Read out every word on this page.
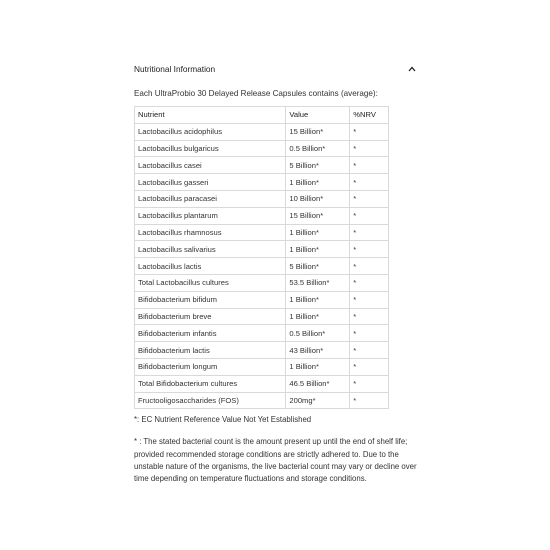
Nutritional Information
Each UltraProbio 30 Delayed Release Capsules contains (average):
Nutrient	Value	%NRV
Lactobacillus acidophilus	15 Billion*	*
Lactobacillus bulgaricus	0.5 Billion*	*
Lactobacillus casei	5 Billion*	*
Lactobacillus gasseri	1 Billion*	*
Lactobacillus paracasei	10 Billion*	*
Lactobacillus plantarum	15 Billion*	*
Lactobacillus rhamnosus	1 Billion*	*
Lactobacillus salivarius	1 Billion*	*
Lactobacillus lactis	5 Billion*	*
Total Lactobacillus cultures	53.5 Billion*	*
Bifidobacterium bifidum	1 Billion*	*
Bifidobacterium breve	1 Billion*	*
Bifidobacterium infantis	0.5 Billion*	*
Bifidobacterium lactis	43 Billion*	*
Bifidobacterium longum	1 Billion*	*
Total Bifidobacterium cultures	46.5 Billion*	*
Fructooligosaccharides (FOS)	200mg*	*
*: EC Nutrient Reference Value Not Yet Established
* : The stated bacterial count is the amount present up until the end of shelf life; provided recommended storage conditions are strictly adhered to. Due to the unstable nature of the organisms, the live bacterial count may vary or decline over time depending on temperature fluctuations and storage conditions.
